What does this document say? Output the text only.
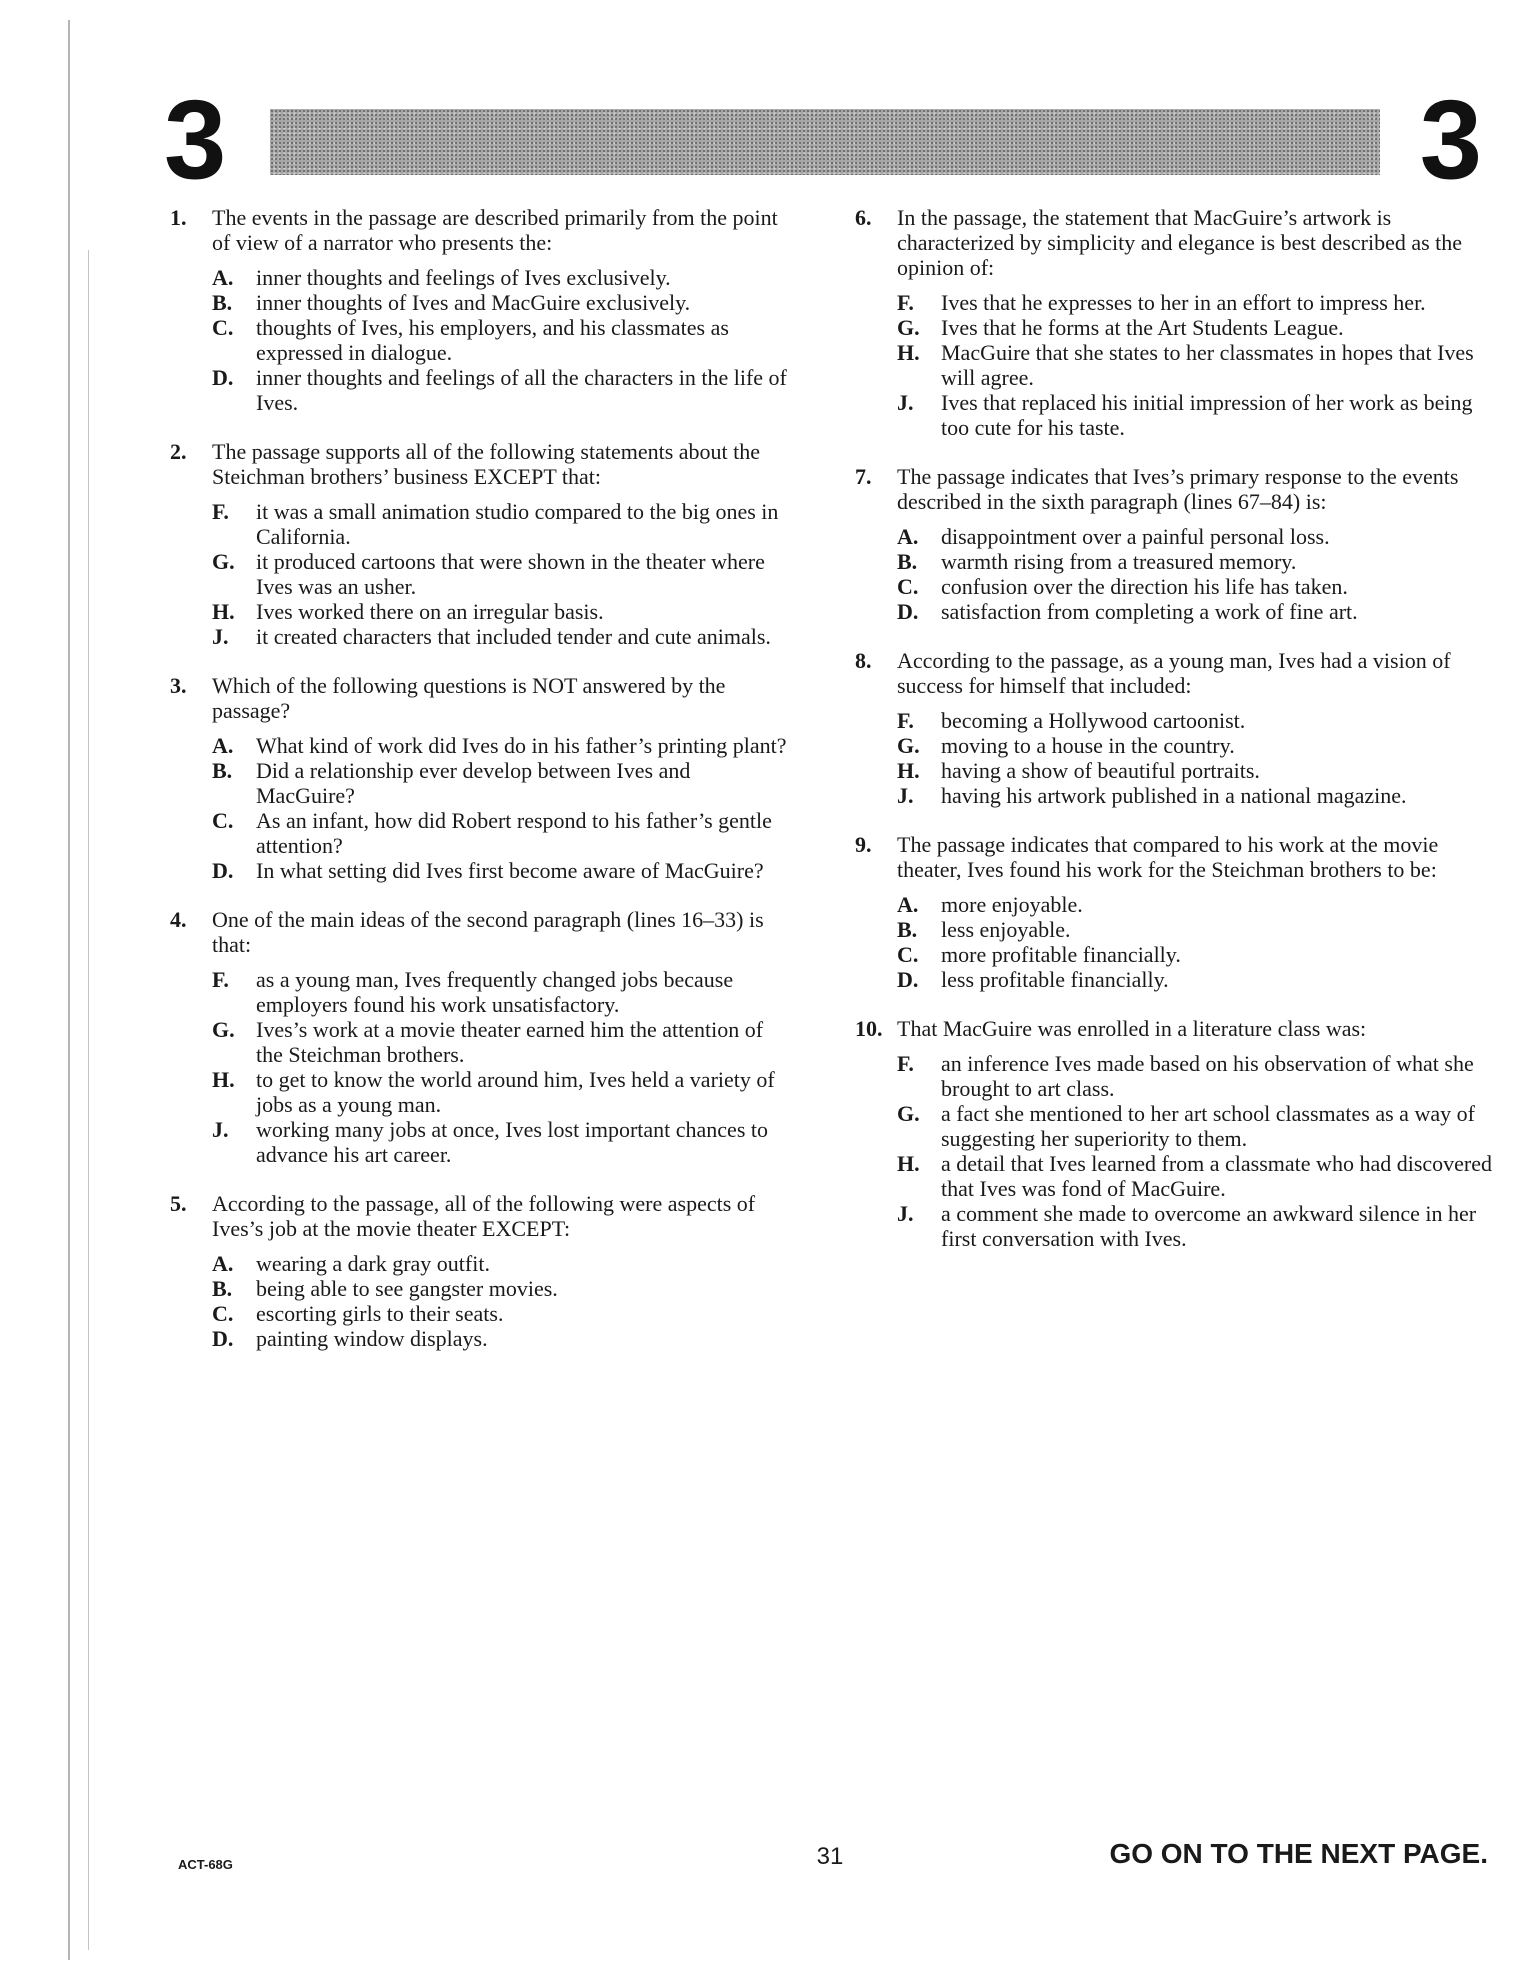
3	3
1. The events in the passage are described primarily from the point of view of a narrator who presents the:
A. inner thoughts and feelings of Ives exclusively.
B. inner thoughts of Ives and MacGuire exclusively.
C. thoughts of Ives, his employers, and his classmates as expressed in dialogue.
D. inner thoughts and feelings of all the characters in the life of Ives.
2. The passage supports all of the following statements about the Steichman brothers’ business EXCEPT that:
F. it was a small animation studio compared to the big ones in California.
G. it produced cartoons that were shown in the theater where Ives was an usher.
H. Ives worked there on an irregular basis.
J. it created characters that included tender and cute animals.
3. Which of the following questions is NOT answered by the passage?
A. What kind of work did Ives do in his father’s printing plant?
B. Did a relationship ever develop between Ives and MacGuire?
C. As an infant, how did Robert respond to his father’s gentle attention?
D. In what setting did Ives first become aware of MacGuire?
4. One of the main ideas of the second paragraph (lines 16–33) is that:
F. as a young man, Ives frequently changed jobs because employers found his work unsatisfactory.
G. Ives’s work at a movie theater earned him the attention of the Steichman brothers.
H. to get to know the world around him, Ives held a variety of jobs as a young man.
J. working many jobs at once, Ives lost important chances to advance his art career.
5. According to the passage, all of the following were aspects of Ives’s job at the movie theater EXCEPT:
A. wearing a dark gray outfit.
B. being able to see gangster movies.
C. escorting girls to their seats.
D. painting window displays.
6. In the passage, the statement that MacGuire’s artwork is characterized by simplicity and elegance is best described as the opinion of:
F. Ives that he expresses to her in an effort to impress her.
G. Ives that he forms at the Art Students League.
H. MacGuire that she states to her classmates in hopes that Ives will agree.
J. Ives that replaced his initial impression of her work as being too cute for his taste.
7. The passage indicates that Ives’s primary response to the events described in the sixth paragraph (lines 67–84) is:
A. disappointment over a painful personal loss.
B. warmth rising from a treasured memory.
C. confusion over the direction his life has taken.
D. satisfaction from completing a work of fine art.
8. According to the passage, as a young man, Ives had a vision of success for himself that included:
F. becoming a Hollywood cartoonist.
G. moving to a house in the country.
H. having a show of beautiful portraits.
J. having his artwork published in a national magazine.
9. The passage indicates that compared to his work at the movie theater, Ives found his work for the Steichman brothers to be:
A. more enjoyable.
B. less enjoyable.
C. more profitable financially.
D. less profitable financially.
10. That MacGuire was enrolled in a literature class was:
F. an inference Ives made based on his observation of what she brought to art class.
G. a fact she mentioned to her art school classmates as a way of suggesting her superiority to them.
H. a detail that Ives learned from a classmate who had discovered that Ives was fond of MacGuire.
J. a comment she made to overcome an awkward silence in her first conversation with Ives.
ACT-68G	31	GO ON TO THE NEXT PAGE.
